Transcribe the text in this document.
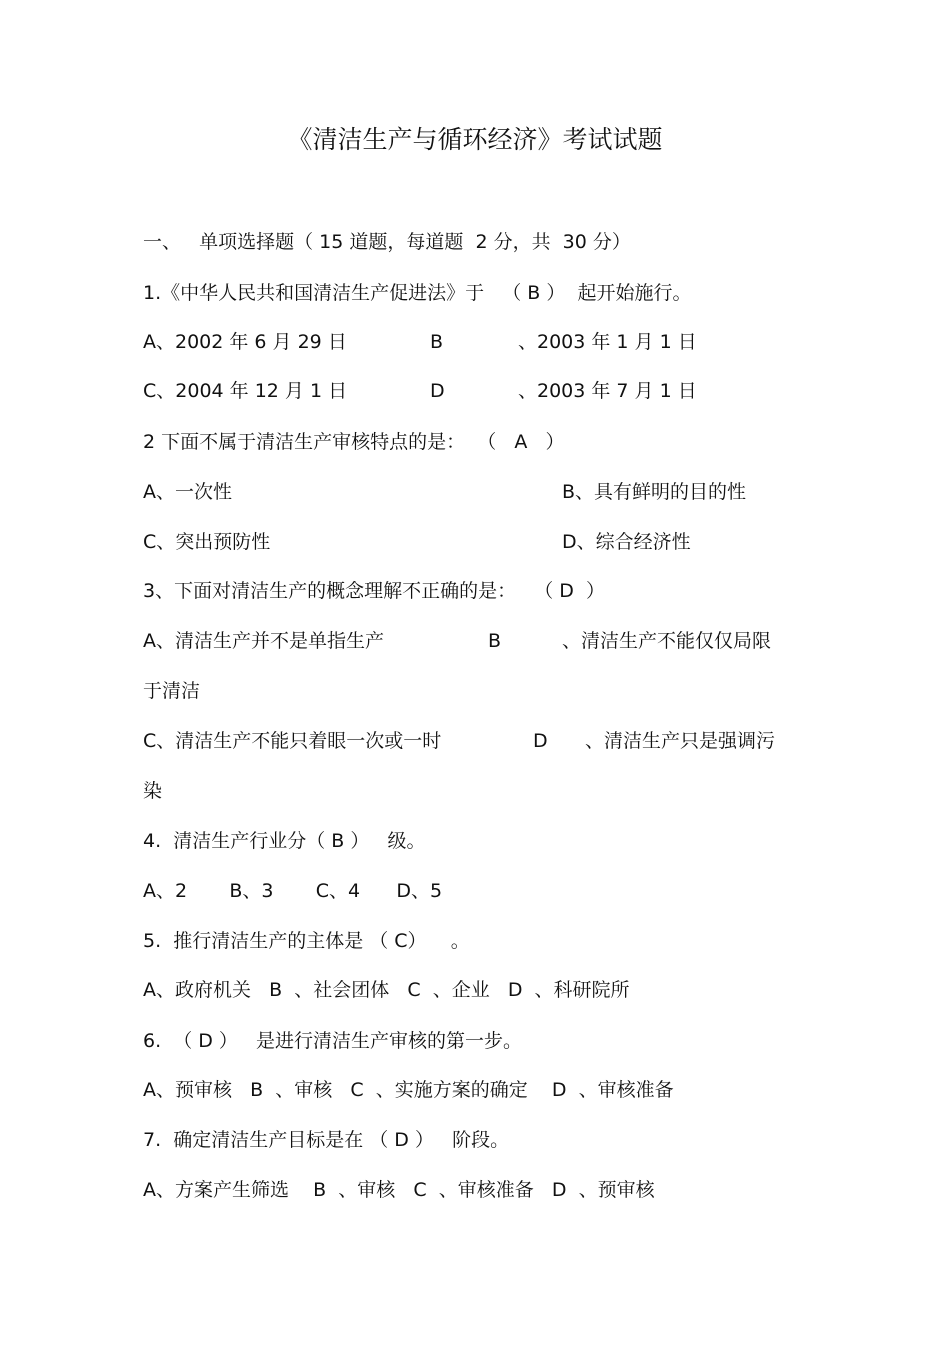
《清洁生产与循环经济》考试试题
一、   单项选择题（ 15 道题，每道题  2 分，共  30 分）
1.《中华人民共和国清洁生产促进法》于   （ B ）  起开始施行。
A、2002 年 6 月 29 日	B	、2003 年 1 月 1 日
C、2004 年 12 月 1 日	D	、2003 年 7 月 1 日
2 下面不属于清洁生产审核特点的是：  （   A   ）
A、一次性	B、具有鲜明的目的性
C、突出预防性	D、综合经济性
3、下面对清洁生产的概念理解不正确的是：   （ D  ）
A、清洁生产并不是单指生产	B	、清洁生产不能仅仅局限
于清洁
C、清洁生产不能只着眼一次或一时	D 、清洁生产只是强调污
染
4.  清洁生产行业分（ B ）   级。
A、2       B、3       C、4      D、5
5.  推行清洁生产的主体是 （ C）    。
A、政府机关   B  、社会团体   C  、企业   D  、科研院所
6.  （ D ）   是进行清洁生产审核的第一步。
A、预审核   B  、审核   C  、实施方案的确定    D  、审核准备
7.  确定清洁生产目标是在 （ D ）   阶段。
A、方案产生筛选    B  、审核   C  、审核准备   D  、预审核
